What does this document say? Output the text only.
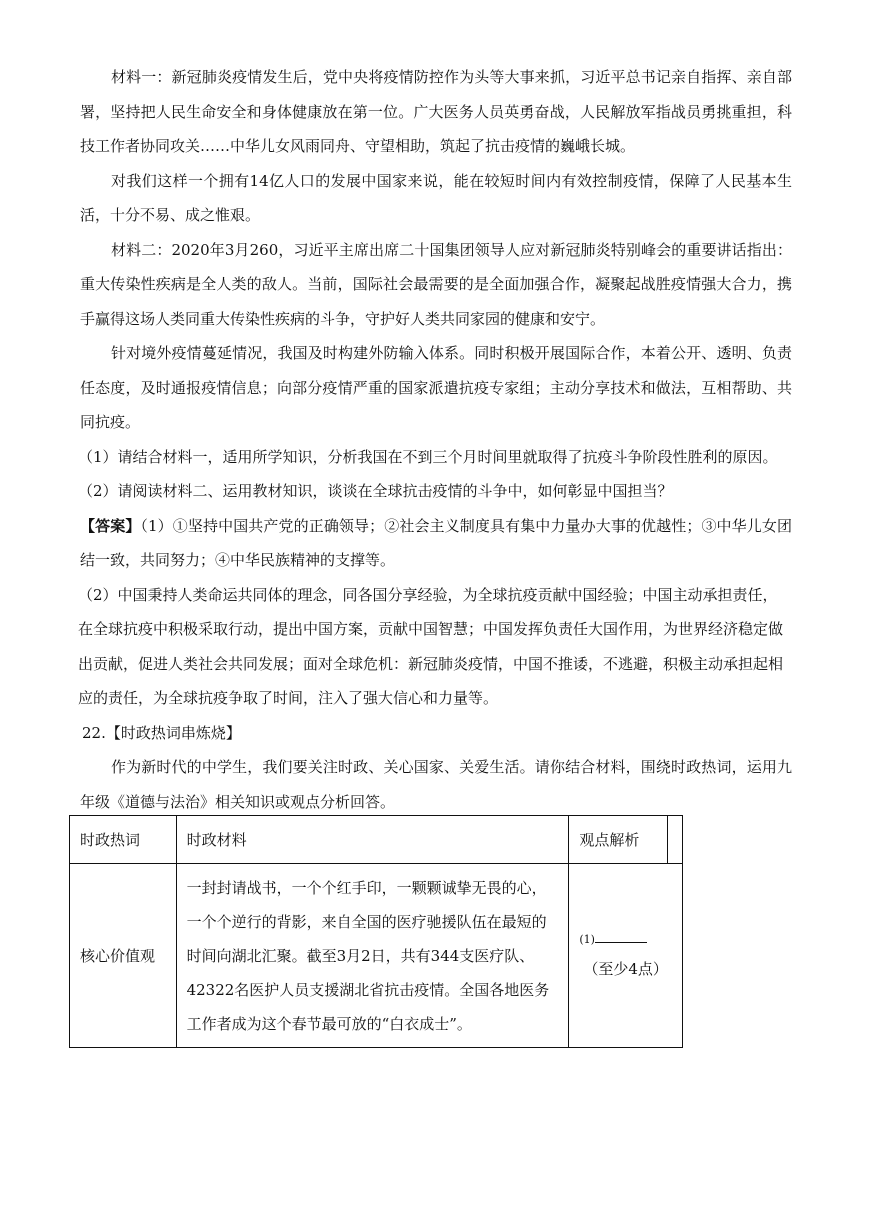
材料一：新冠肺炎疫情发生后，党中央将疫情防控作为头等大事来抓，习近平总书记亲自指挥、亲自部署，坚持把人民生命安全和身体健康放在第一位。广大医务人员英勇奋战，人民解放军指战员勇挑重担，科技工作者协同攻关……中华儿女风雨同舟、守望相助，筑起了抗击疫情的巍峨长城。

对我们这样一个拥有14亿人口的发展中国家来说，能在较短时间内有效控制疫情，保障了人民基本生活，十分不易、成之惟艰。

材料二：2020年3月260，习近平主席出席二十国集团领导人应对新冠肺炎特别峰会的重要讲话指出：重大传染性疾病是全人类的敌人。当前，国际社会最需要的是全面加强合作，凝聚起战胜疫情强大合力，携手赢得这场人类同重大传染性疾病的斗争，守护好人类共同家园的健康和安宁。

针对境外疫情蔓延情况，我国及时构建外防输入体系。同时积极开展国际合作，本着公开、透明、负责任态度，及时通报疫情信息；向部分疫情严重的国家派遣抗疫专家组；主动分享技术和做法，互相帮助、共同抗疫。

（1）请结合材料一，适用所学知识，分析我国在不到三个月时间里就取得了抗疫斗争阶段性胜利的原因。

（2）请阅读材料二、运用教材知识，谈谈在全球抗击疫情的斗争中，如何彰显中国担当？

【答案】（1）①坚持中国共产党的正确领导；②社会主义制度具有集中力量办大事的优越性；③中华儿女团结一致，共同努力；④中华民族精神的支撑等。

（2）中国秉持人类命运共同体的理念，同各国分享经验，为全球抗疫贡献中国经验；中国主动承担责任，在全球抗疫中积极采取行动，提出中国方案，贡献中国智慧；中国发挥负责任大国作用，为世界经济稳定做出贡献，促进人类社会共同发展；面对全球危机：新冠肺炎疫情，中国不推诿，不逃避，积极主动承担起相应的责任，为全球抗疫争取了时间，注入了强大信心和力量等。

22.【时政热词串炼烧】

作为新时代的中学生，我们要关注时政、关心国家、关爱生活。请你结合材料，围绕时政热词，运用九年级《道德与法治》相关知识或观点分析回答。

时政热词	时政材料	观点解析	
核心价值观	一封封请战书，一个个红手印，一颗颗诚挚无畏的心，一个个逆行的背影，来自全国的医疗驰援队伍在最短的时间向湖北汇聚。截至3月2日，共有344支医疗队、42322名医护人员支援湖北省抗击疫情。全国各地医务工作者成为这个春节最可放的“白衣成士”。	(1)
（至少4点）	
